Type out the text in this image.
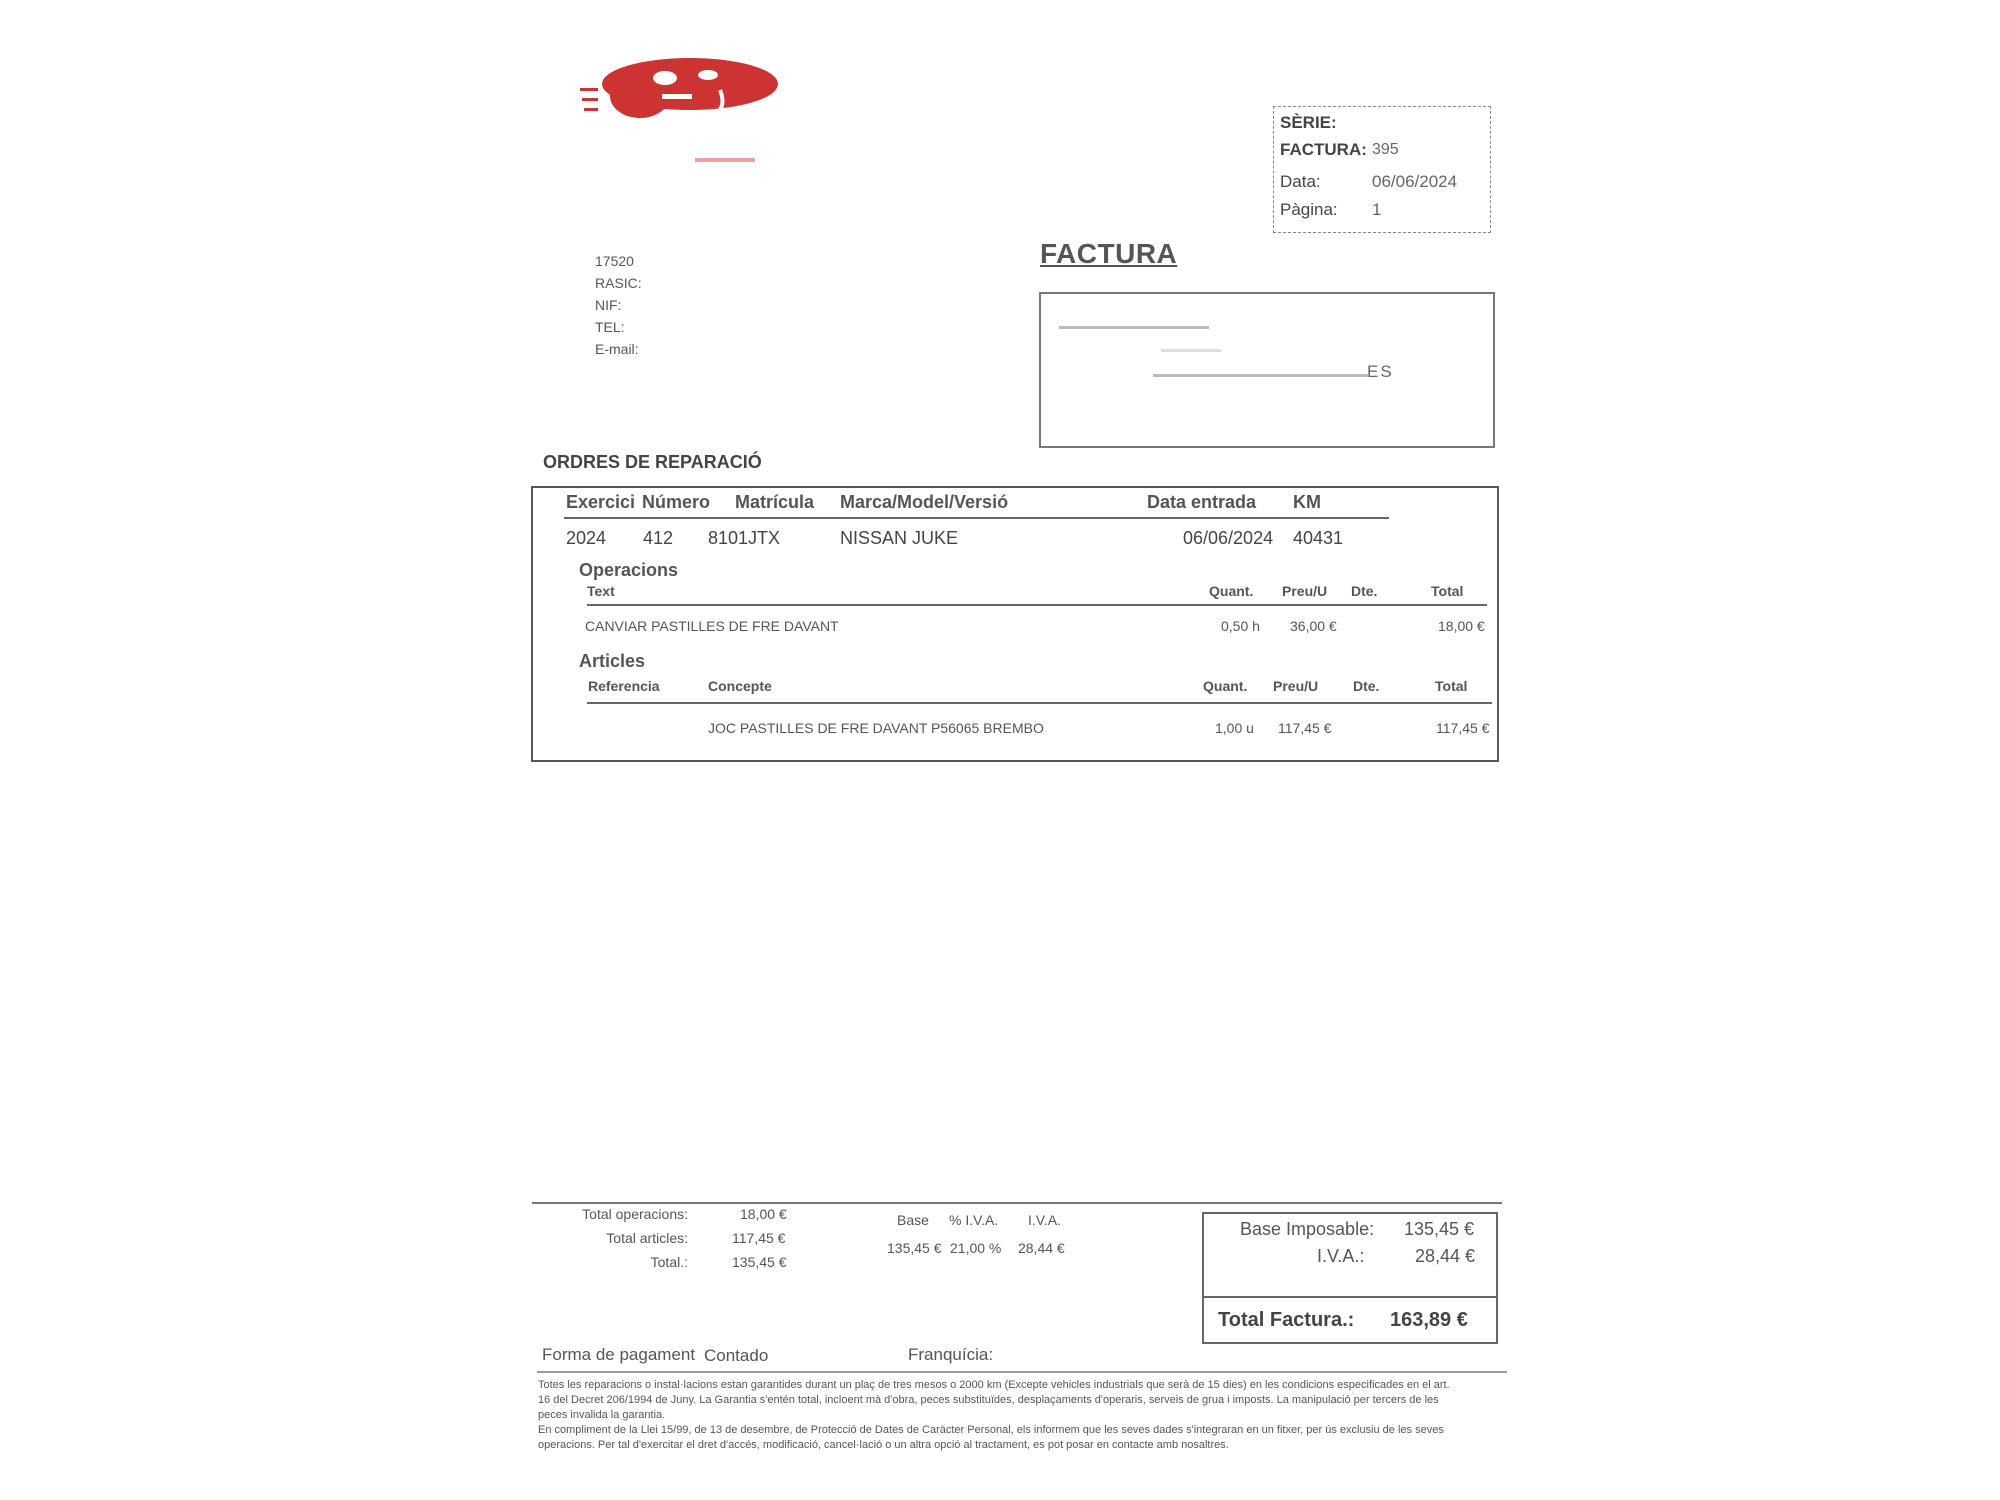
SÈRIE:
FACTURA: 395
Data:	06/06/2024
Pàgina: 1
FACTURA
17520
RASIC:
NIF:
TEL:
E-mail:
ES
ORDRES DE REPARACIÓ
Exercici Número Matrícula Marca/Model/Versió	Data entrada KM
2024 412 8101JTX	NISSAN JUKE	06/06/2024 40431
Operacions
Text	Quant. Preu/U Dte.	Total
CANVIAR PASTILLES DE FRE DAVANT	0,50 h 36,00 €	18,00 €
Articles
Referencia	Concepte	Quant. Preu/U Dte.	Total
JOC PASTILLES DE FRE DAVANT P56065 BREMBO	1,00 u 117,45 €	117,45 €
Total operacions:	18,00 €
Total articles:	117,45 €
Total.:	135,45 €
Base % I.V.A. I.V.A.
135,45 € 21,00 % 28,44 €
Base Imposable: 135,45 €
I.V.A.:	28,44 €
Total Factura.: 163,89 €
Forma de pagament Contado	Franquícia:

Totes les reparacions o instal·lacions estan garantides durant un plaç de tres mesos o 2000 km (Excepte vehicles industrials que serà de 15 dies) en les condicions especificades en el art. 16 del Decret 206/1994 de Juny. La Garantia s'entén total, incloent mà d'obra, peces substituïdes, desplaçaments d'operaris, serveis de grua i imposts. La manipulació per tercers de les peces invalida la garantia.

En compliment de la Llei 15/99, de 13 de desembre, de Protecció de Dates de Caràcter Personal, els informem que les seves dades s'integraran en un fitxer, per ús exclusiu de les seves operacions. Per tal d'exercitar el dret d'accés, modificació, cancel·lació o un altra opció al tractament, es pot posar en contacte amb nosaltres.
